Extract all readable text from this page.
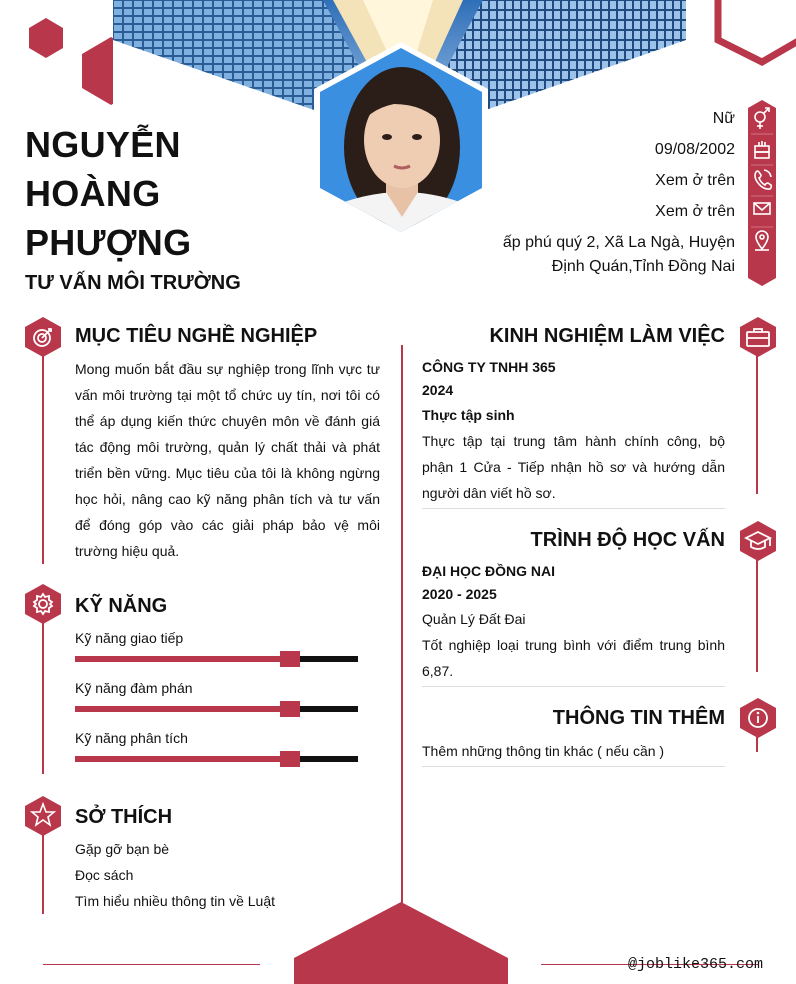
NGUYỄN
HOÀNG
PHƯỢNG
TƯ VẤN MÔI TRƯỜNG
Nữ
09/08/2002
Xem ở trên
Xem ở trên
ấp phú quý 2, Xã La Ngà, Huyện Định Quán,Tỉnh Đồng Nai
MỤC TIÊU NGHỀ NGHIỆP
Mong muốn bắt đầu sự nghiệp trong lĩnh vực tư vấn môi trường tại một tổ chức uy tín, nơi tôi có thể áp dụng kiến thức chuyên môn về đánh giá tác động môi trường, quản lý chất thải và phát triển bền vững. Mục tiêu của tôi là không ngừng học hỏi, nâng cao kỹ năng phân tích và tư vấn để đóng góp vào các giải pháp bảo vệ môi trường hiệu quả.
KỸ NĂNG
Kỹ năng giao tiếp
Kỹ năng đàm phán
Kỹ năng phân tích
SỞ THÍCH
Gặp gỡ bạn bè
Đọc sách
Tìm hiểu nhiều thông tin về Luật
KINH NGHIỆM LÀM VIỆC
CÔNG TY TNHH 365
2024
Thực tập sinh
Thực tập tại trung tâm hành chính công, bộ phận 1 Cửa - Tiếp nhận hồ sơ và hướng dẫn người dân viết hồ sơ.
TRÌNH ĐỘ HỌC VẤN
ĐẠI HỌC ĐỒNG NAI
2020 - 2025
Quản Lý Đất Đai
Tốt nghiệp loại trung bình với điểm trung bình 6,87.
THÔNG TIN THÊM
Thêm những thông tin khác ( nếu cần )
@joblike365.com
